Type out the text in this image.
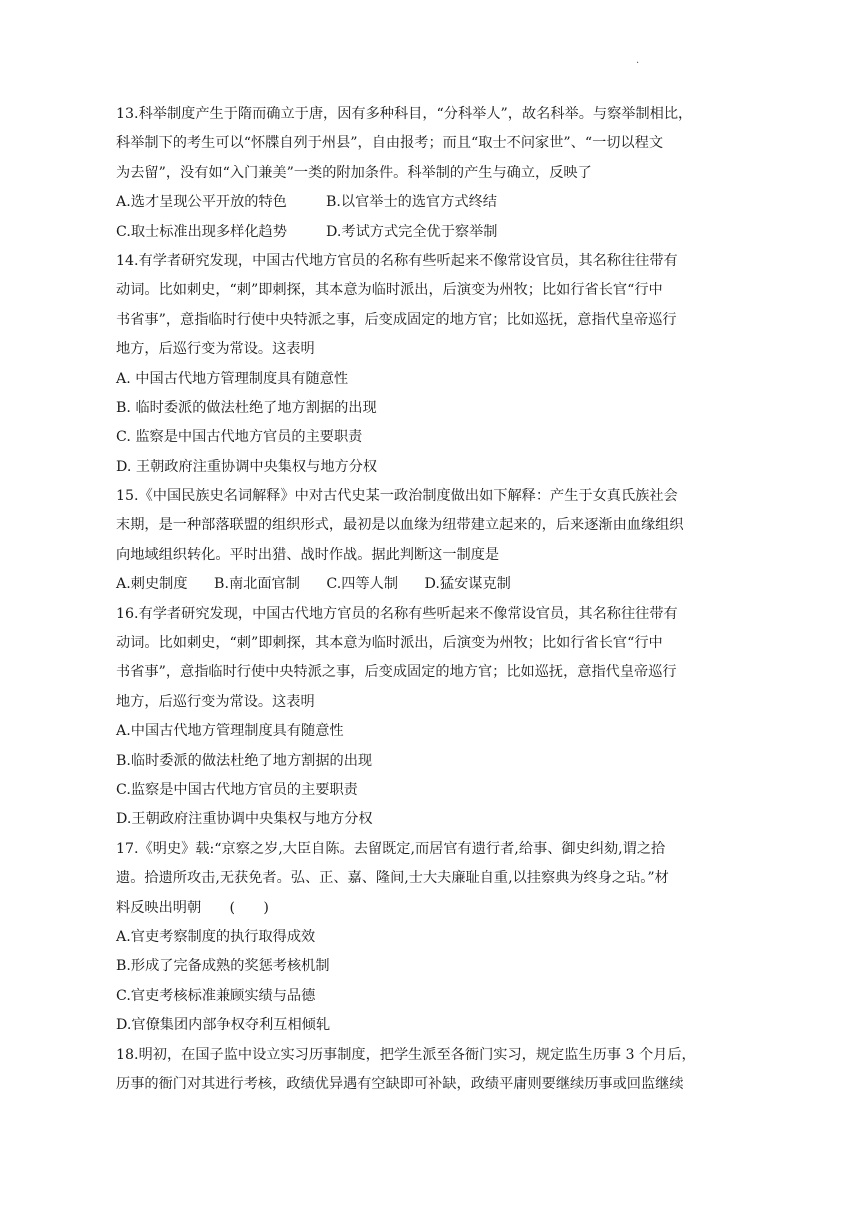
·
13.科举制度产生于隋而确立于唐，因有多种科目，“分科举人”，故名科举。与察举制相比，
科举制下的考生可以“怀牒自列于州县”，自由报考；而且“取士不问家世”、“一切以程文
为去留”，没有如“入门兼美”一类的附加条件。科举制的产生与确立，反映了
A.选才呈现公平开放的特色	B.以官举士的选官方式终结
C.取士标准出现多样化趋势	D.考试方式完全优于察举制
14.有学者研究发现，中国古代地方官员的名称有些听起来不像常设官员，其名称往往带有
动词。比如刺史，“刺”即刺探，其本意为临时派出，后演变为州牧；比如行省长官“行中
书省事”，意指临时行使中央特派之事，后变成固定的地方官；比如巡抚，意指代皇帝巡行
地方，后巡行变为常设。这表明
A. 中国古代地方管理制度具有随意性
B. 临时委派的做法杜绝了地方割据的出现
C. 监察是中国古代地方官员的主要职责
D. 王朝政府注重协调中央集权与地方分权
15.《中国民族史名词解释》中对古代史某一政治制度做出如下解释：产生于女真氏族社会
末期，是一种部落联盟的组织形式，最初是以血缘为纽带建立起来的，后来逐渐由血缘组织
向地域组织转化。平时出猎、战时作战。据此判断这一制度是
A.刺史制度 B.南北面官制 C.四等人制 D.猛安谋克制
16.有学者研究发现，中国古代地方官员的名称有些听起来不像常设官员，其名称往往带有
动词。比如刺史，“刺”即刺探，其本意为临时派出，后演变为州牧；比如行省长官“行中
书省事”，意指临时行使中央特派之事，后变成固定的地方官；比如巡抚，意指代皇帝巡行
地方，后巡行变为常设。这表明
A.中国古代地方管理制度具有随意性
B.临时委派的做法杜绝了地方割据的出现
C.监察是中国古代地方官员的主要职责
D.王朝政府注重协调中央集权与地方分权
17.《明史》载:“京察之岁,大臣自陈。去留既定,而居官有遗行者,给事、御史纠劾,谓之拾
遗。拾遗所攻击,无获免者。弘、正、嘉、隆间,士大夫廉耻自重,以挂察典为终身之玷。”材
料反映出明朝　　(　　)
A.官吏考察制度的执行取得成效
B.形成了完备成熟的奖惩考核机制
C.官吏考核标准兼顾实绩与品德
D.官僚集团内部争权夺利互相倾轧
18.明初，在国子监中设立实习历事制度，把学生派至各衙门实习，规定监生历事 3 个月后，
历事的衙门对其进行考核，政绩优异遇有空缺即可补缺，政绩平庸则要继续历事或回监继续
